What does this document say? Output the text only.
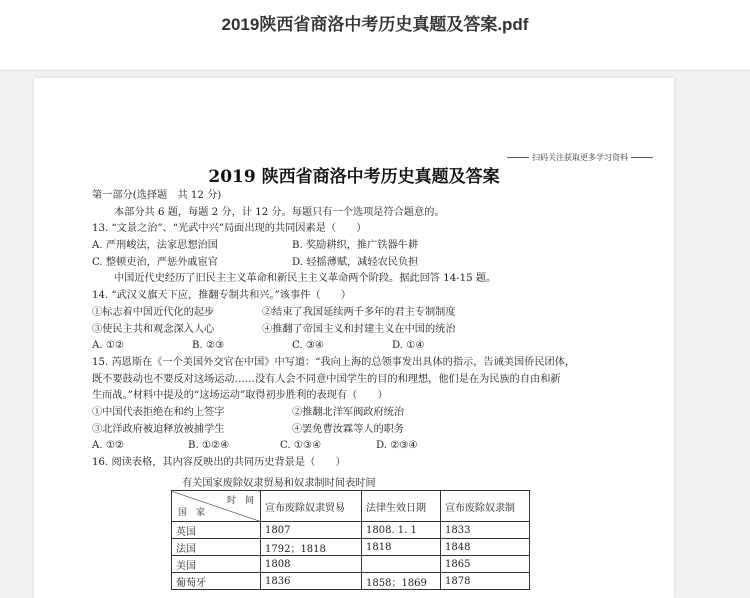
2019陕西省商洛中考历史真题及答案.pdf
扫码关注获取更多学习资料
2019 陕西省商洛中考历史真题及答案
第一部分(选择题　共 12 分)
本部分共 6 题，每题 2 分，计 12 分。每题只有一个选项是符合题意的。
13. “文景之治”、“光武中兴”局面出现的共同因素是（　　）
A. 严刑峻法，法家思想治国	B. 奖励耕织，推广铁器牛耕
C. 整顿吏治，严惩外戚宦官	D. 轻摇薄赋，减轻农民负担
中国近代史经历了旧民主主义革命和新民主主义革命两个阶段。据此回答 14-15 题。
14. “武汉义旗天下应，推翻专制共和兴。”该事件（　　）
①标志着中国近代化的起步	②结束了我国延续两千多年的君主专制制度
③使民主共和观念深入人心	④推翻了帝国主义和封建主义在中国的统治
A. ①②	B. ②③	C. ③④	D. ①④
15. 芮恩斯在《一个美国外交官在中国》中写道：“我向上海的总领事发出具体的指示，告诫美国侨民团体，
既不要鼓动也不要反对这场运动……没有人会不同意中国学生的目的和理想，他们是在为民族的自由和新
生而战。”材料中提及的“这场运动”取得初步胜利的表现有（　　）
①中国代表拒绝在和约上签字	②推翻北洋军阀政府统治
③北洋政府被迫释放被捕学生	④罢免曹汝霖等人的职务
A. ①②	B. ①②④	C. ①③④	D. ②③④
16. 阅读表格，其内容反映出的共同历史背景是（　　）
有关国家废除奴隶贸易和奴隶制时间表时间
时　间
国　家	宣布废除奴隶贸易	法律生效日期	宣布废除奴隶制
英国	1807	1808. 1. 1	1833
法国	1792；1818	1818	1848
美国	1808		1865
葡萄牙	1836	1858；1869	1878
